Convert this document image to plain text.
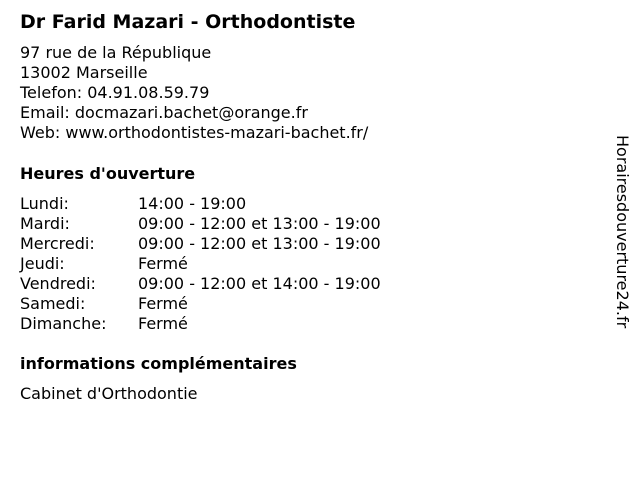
Dr Farid Mazari - Orthodontiste
97 rue de la République
13002 Marseille
Telefon: 04.91.08.59.79
Email: docmazari.bachet@orange.fr
Web: www.orthodontistes-mazari-bachet.fr/
Heures d'ouverture
Lundi:	14:00 - 19:00
Mardi:	09:00 - 12:00 et 13:00 - 19:00
Mercredi:	09:00 - 12:00 et 13:00 - 19:00
Jeudi:	Fermé
Vendredi:	09:00 - 12:00 et 14:00 - 19:00
Samedi:	Fermé
Dimanche: Fermé
informations complémentaires
Cabinet d'Orthodontie
Horairesdouverture24.fr
